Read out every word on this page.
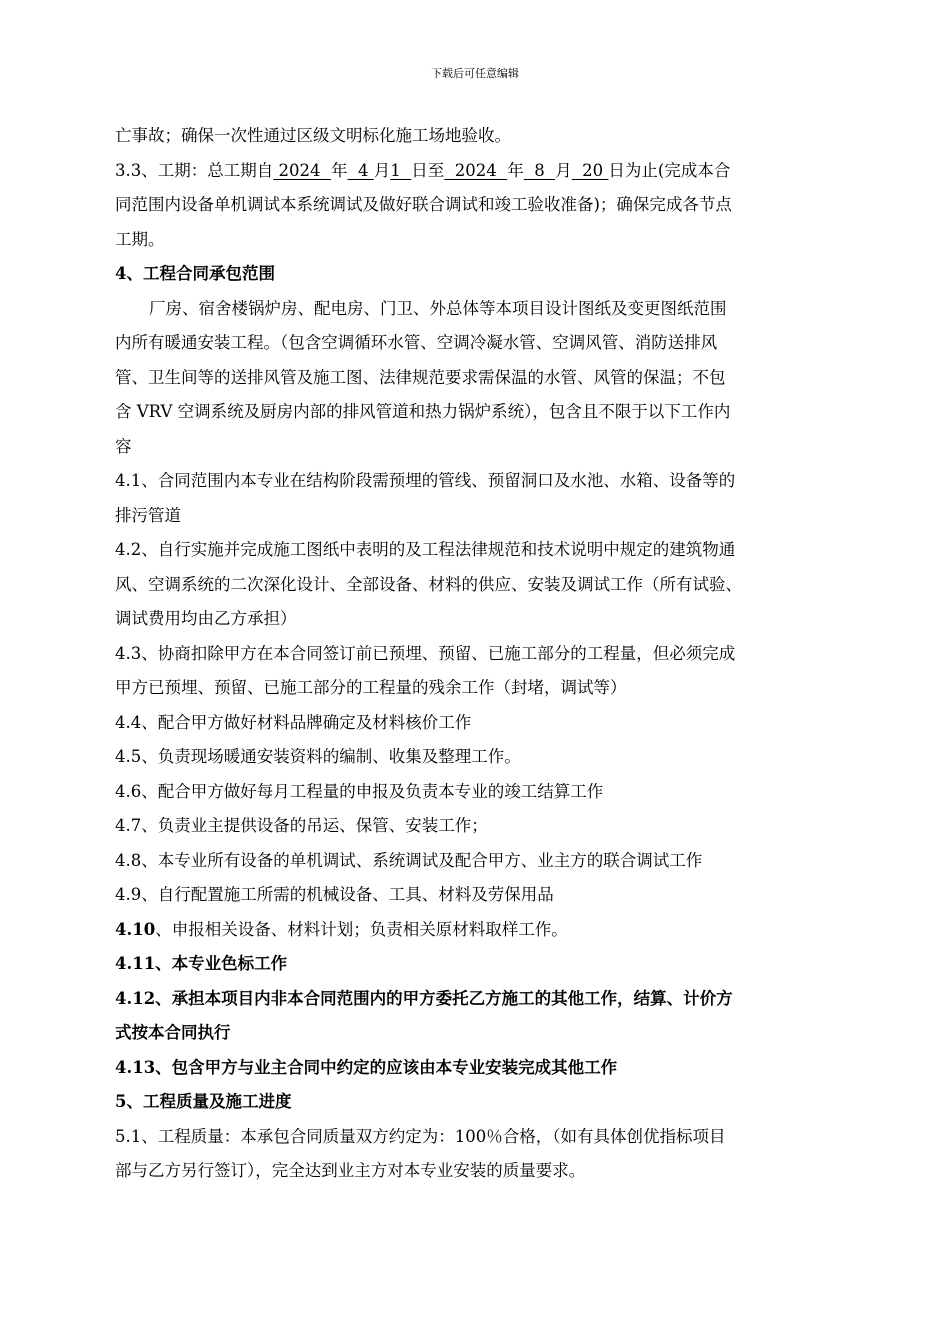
下载后可任意编辑
亡事故；确保一次性通过区级文明标化施工场地验收。
3.3、工期：总工期自 2024  年  4 月1  日至  2024  年  8  月  20 日为止(完成本合
同范围内设备单机调试本系统调试及做好联合调试和竣工验收准备)；确保完成各节点
工期。
4、工程合同承包范围
厂房、宿舍楼锅炉房、配电房、门卫、外总体等本项目设计图纸及变更图纸范围
内所有暖通安装工程。（包含空调循环水管、空调冷凝水管、空调风管、消防送排风
管、卫生间等的送排风管及施工图、法律规范要求需保温的水管、风管的保温；不包
含 VRV 空调系统及厨房内部的排风管道和热力锅炉系统），包含且不限于以下工作内
容
4.1、合同范围内本专业在结构阶段需预埋的管线、预留洞口及水池、水箱、设备等的
排污管道
4.2、自行实施并完成施工图纸中表明的及工程法律规范和技术说明中规定的建筑物通
风、空调系统的二次深化设计、全部设备、材料的供应、安装及调试工作（所有试验、
调试费用均由乙方承担）
4.3、协商扣除甲方在本合同签订前已预埋、预留、已施工部分的工程量，但必须完成
甲方已预埋、预留、已施工部分的工程量的残余工作（封堵，调试等）
4.4、配合甲方做好材料品牌确定及材料核价工作
4.5、负责现场暖通安装资料的编制、收集及整理工作。
4.6、配合甲方做好每月工程量的申报及负责本专业的竣工结算工作
4.7、负责业主提供设备的吊运、保管、安装工作；
4.8、本专业所有设备的单机调试、系统调试及配合甲方、业主方的联合调试工作
4.9、自行配置施工所需的机械设备、工具、材料及劳保用品
4.10、申报相关设备、材料计划；负责相关原材料取样工作。
4.11、本专业色标工作
4.12、承担本项目内非本合同范围内的甲方委托乙方施工的其他工作，结算、计价方
式按本合同执行
4.13、包含甲方与业主合同中约定的应该由本专业安装完成其他工作
5、工程质量及施工进度
5.1、工程质量：本承包合同质量双方约定为：100％合格，（如有具体创优指标项目
部与乙方另行签订），完全达到业主方对本专业安装的质量要求。
